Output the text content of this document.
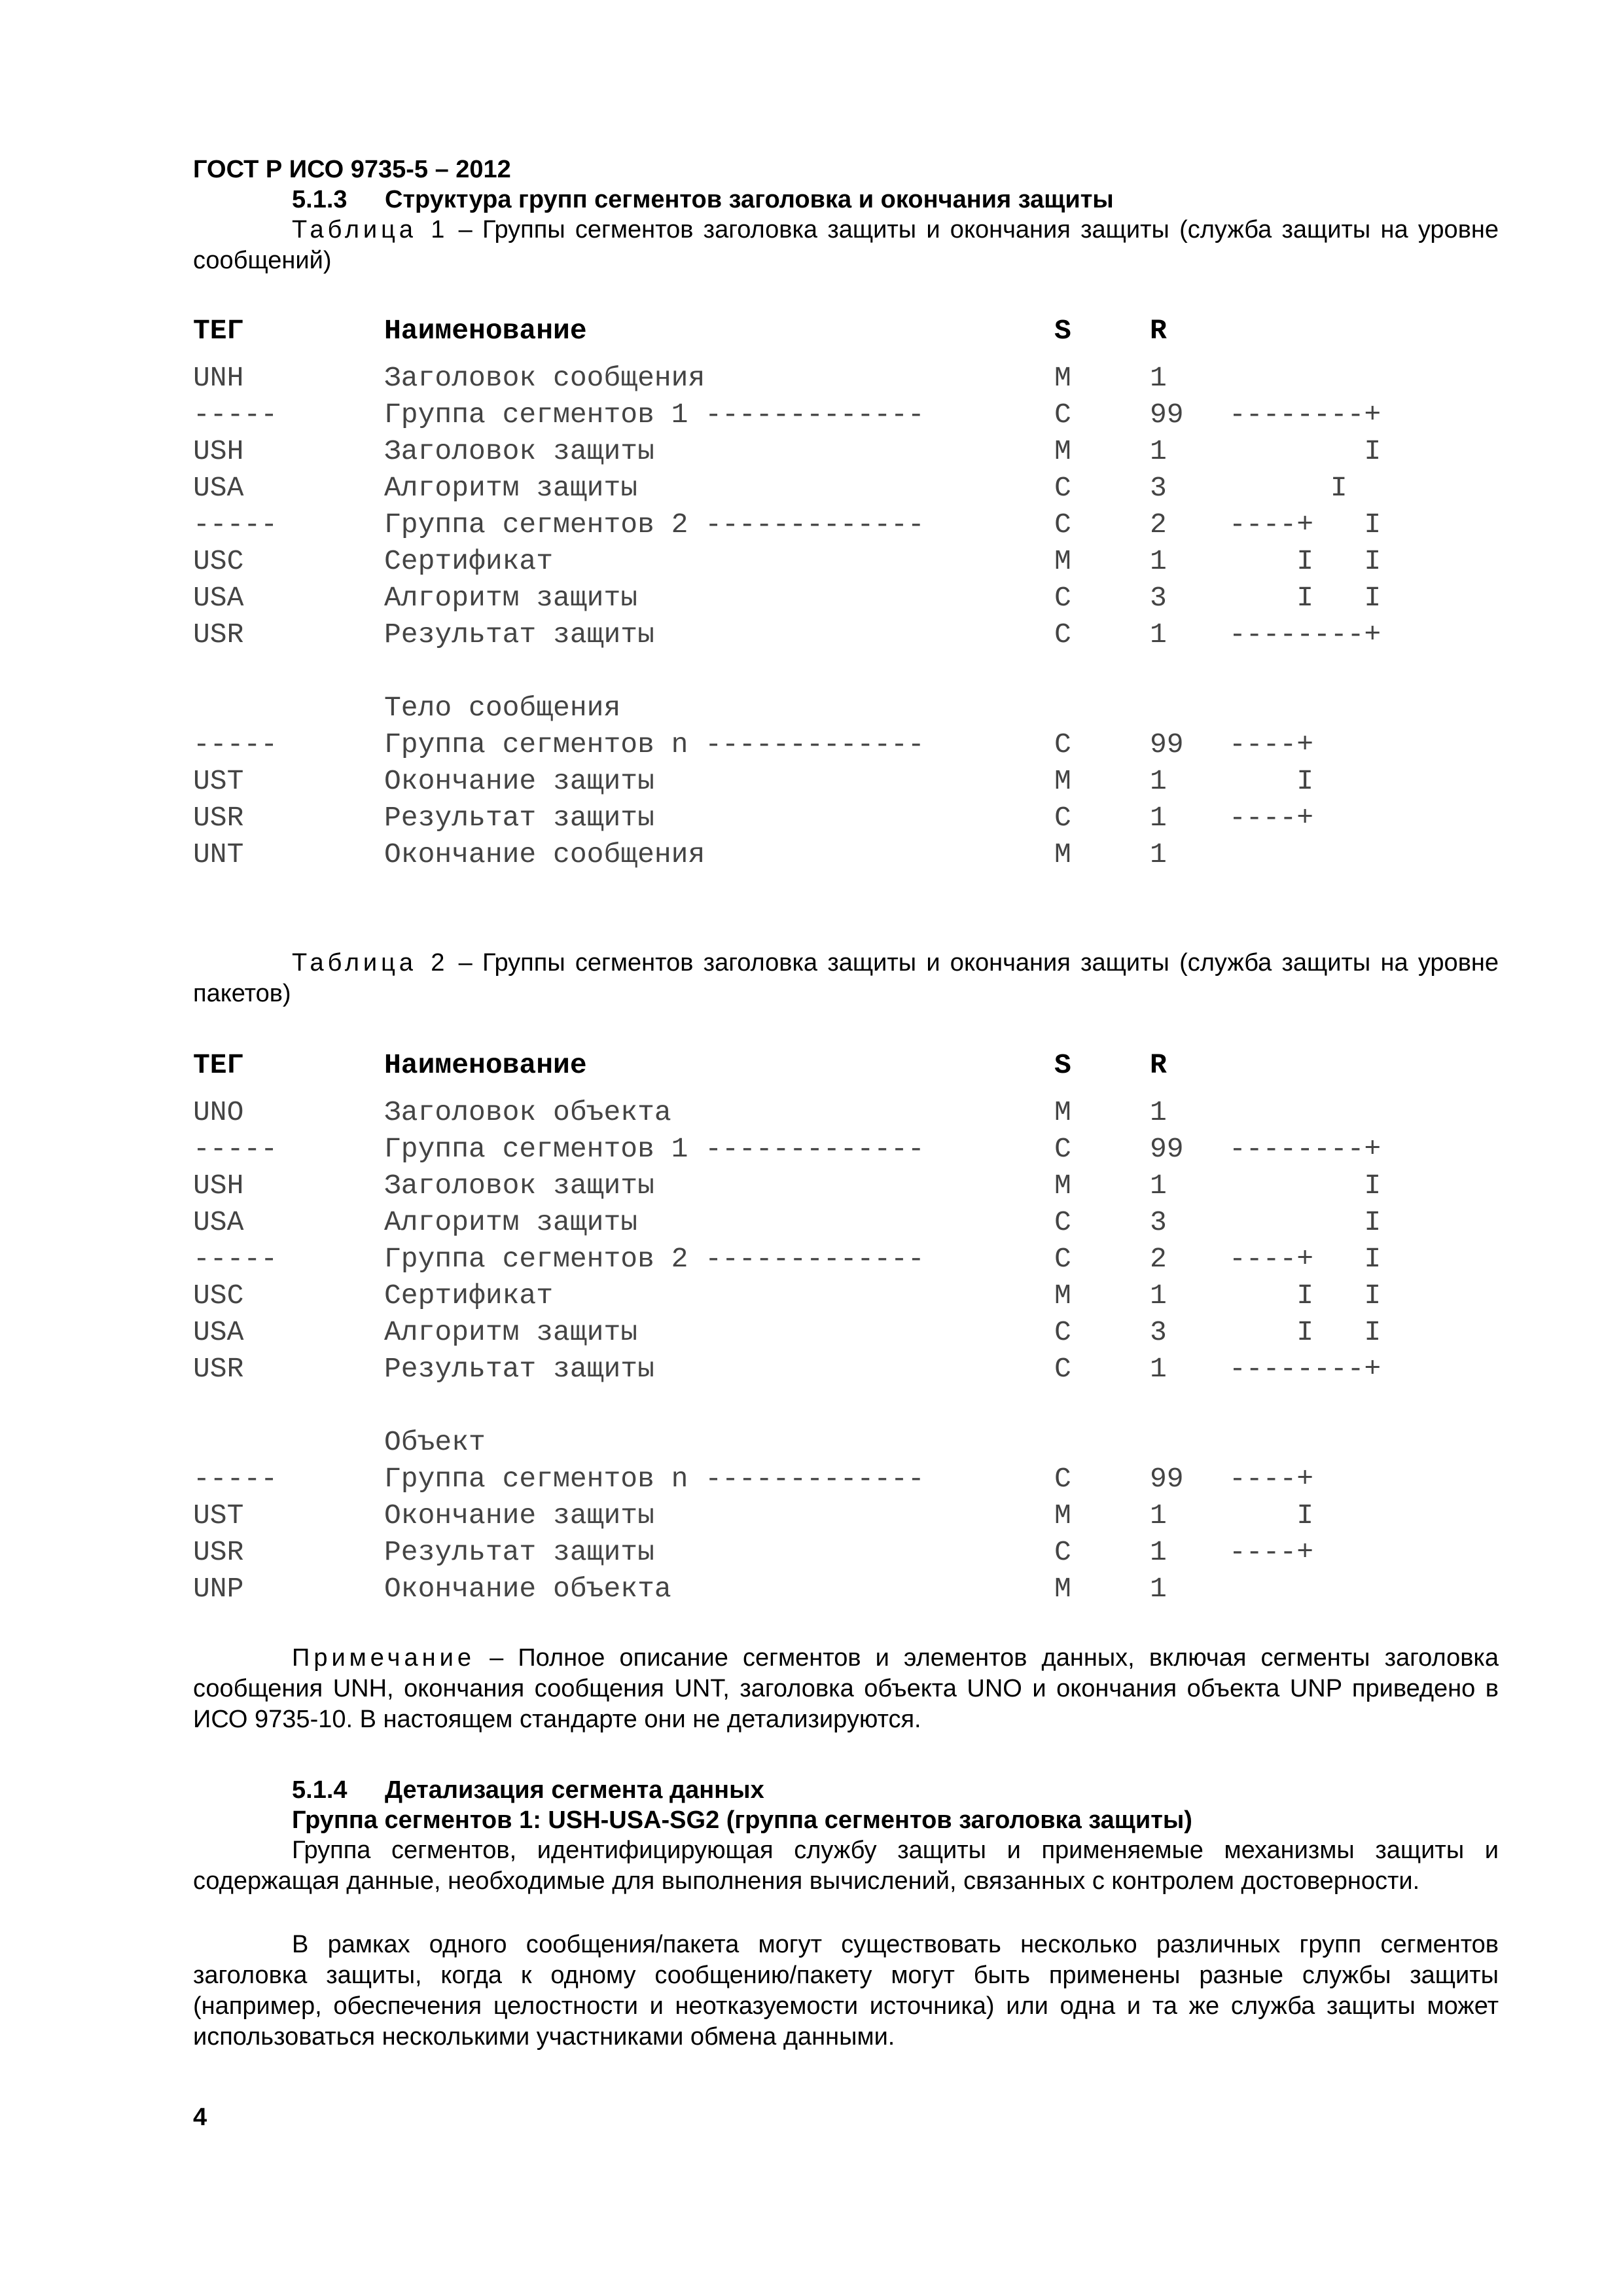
ГОСТ Р ИСО 9735-5 – 2012
5.1.3 Структура групп сегментов заголовка и окончания защиты
Таблица 1 – Группы сегментов заголовка защиты и окончания защиты (служба защиты на уровне сообщений)
ТЕГ	Наименование	S	R
UNH	Заголовок сообщения	М	1
-----	Группа сегментов 1 -------------	С	99 --------+
USH	Заголовок защиты	М	1 I
USA	Алгоритм защиты	С	3 I
-----	Группа сегментов 2 -------------	С	2 ----+   I
USC	Сертификат	М	1 I   I
USA	Алгоритм защиты	С	3 I   I
USR	Результат защиты	С	1 --------+
Тело сообщения
-----	Группа сегментов n -------------	С	99 ----+
UST	Окончание защиты	М	1 I
USR	Результат защиты	С	1 ----+
UNT	Окончание сообщения	М	1
Таблица 2 – Группы сегментов заголовка защиты и окончания защиты (служба защиты на уровне пакетов)
ТЕГ	Наименование	S	R
UNO	Заголовок объекта	М	1
-----	Группа сегментов 1 -------------	С	99 --------+
USH	Заголовок защиты	М	1 I
USA	Алгоритм защиты	С	3 I
-----	Группа сегментов 2 -------------	С	2 ----+   I
USC	Сертификат	М	1 I   I
USA	Алгоритм защиты	С	3 I   I
USR	Результат защиты	С	1 --------+
Объект
-----	Группа сегментов n -------------	С	99 ----+
UST	Окончание защиты	М	1 I
USR	Результат защиты	С	1 ----+
UNP	Окончание объекта	М	1
Примечание – Полное описание сегментов и элементов данных, включая сегменты заголовка сообщения UNH, окончания сообщения UNT, заголовка объекта UNO и окончания объекта UNP приведено в ИСО 9735-10. В настоящем стандарте они не детализируются.
5.1.4 Детализация сегмента данных
Группа сегментов 1: USH-USA-SG2 (группа сегментов заголовка защиты)
Группа сегментов, идентифицирующая службу защиты и применяемые механизмы защиты и содержащая данные, необходимые для выполнения вычислений, связанных с контролем достоверности.
В рамках одного сообщения/пакета могут существовать несколько различных групп сегментов заголовка защиты, когда к одному сообщению/пакету могут быть применены разные службы защиты (например, обеспечения целостности и неотказуемости источника) или одна и та же служба защиты может использоваться несколькими участниками обмена данными.
4
